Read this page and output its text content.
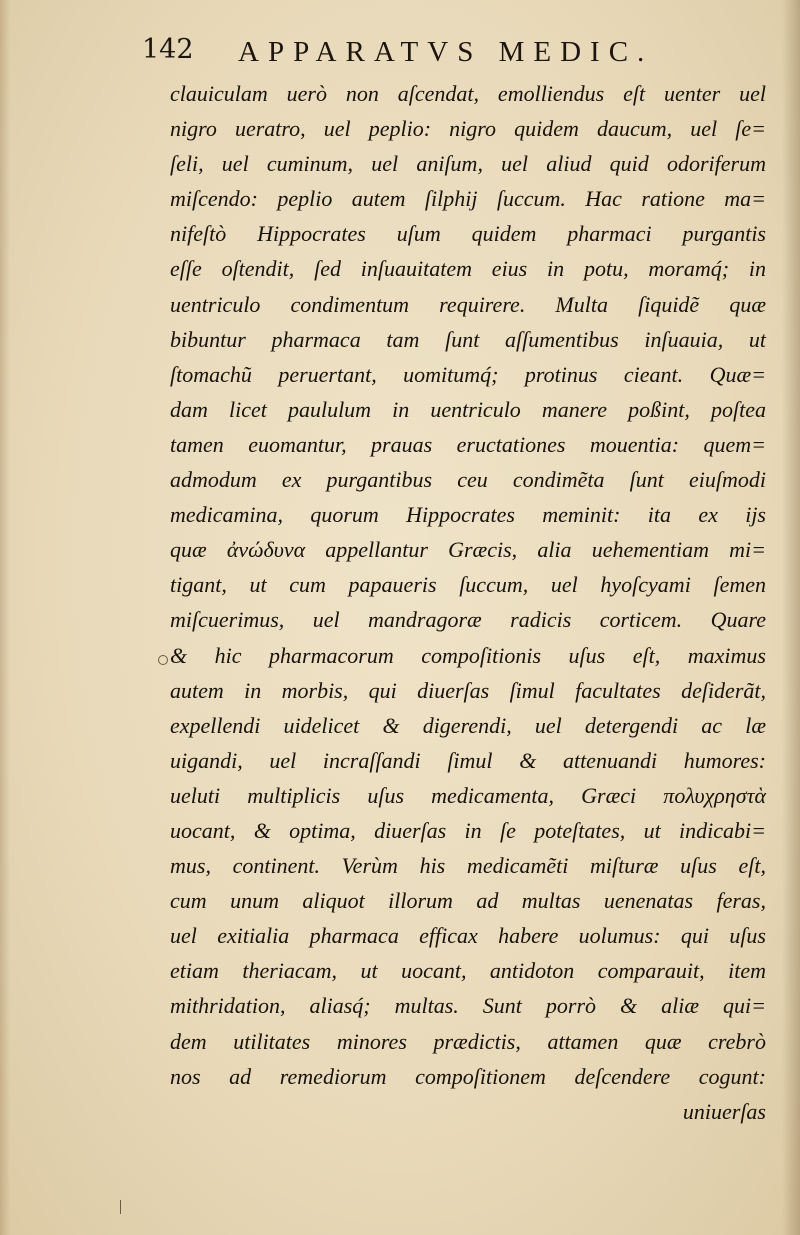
142 APPARATVS MEDIC.
clauiculam uerò non aſcendat, emolliendus eſt uenter uel
nigro ueratro, uel peplio: nigro quidem daucum, uel ſe=
ſeli, uel cuminum, uel aniſum, uel aliud quid odoriferum
miſcendo: peplio autem ſilphij ſuccum. Hac ratione ma=
nifeſtò Hippocrates uſum quidem pharmaci purgantis
eſſe oſtendit, ſed inſuauitatem eius in potu, moramq́; in
uentriculo condimentum requirere. Multa ſiquidẽ quæ
bibuntur pharmaca tam ſunt aſſumentibus inſuauia, ut
ſtomachũ peruertant, uomitumq́; protinus cieant. Quæ=
dam licet paululum in uentriculo manere poßint, poſtea
tamen euomantur, prauas eructationes mouentia: quem=
admodum ex purgantibus ceu condimẽta ſunt eiuſmodi
medicamina, quorum Hippocrates meminit: ita ex ijs
quæ ἀνώδυνα appellantur Græcis, alia uehementiam mi=
tigant, ut cum papaueris ſuccum, uel hyoſcyami ſemen
miſcuerimus, uel mandragoræ radicis corticem. Quare
& hic pharmacorum compoſitionis uſus eſt, maximus
autem in morbis, qui diuerſas ſimul facultates deſiderãt,
expellendi uidelicet & digerendi, uel detergendi ac læ
uigandi, uel incraſſandi ſimul & attenuandi humores:
ueluti multiplicis uſus medicamenta, Græci πολυχρηστὰ
uocant, & optima, diuerſas in ſe poteſtates, ut indicabi=
mus, continent. Verùm his medicamẽti miſturæ uſus eſt,
cum unum aliquot illorum ad multas uenenatas feras,
uel exitialia pharmaca efficax habere uolumus: qui uſus
etiam theriacam, ut uocant, antidoton comparauit, item
mithridation, aliasq́; multas. Sunt porrò & aliæ qui=
dem utilitates minores prædictis, attamen quæ crebrò
nos ad remediorum compoſitionem deſcendere cogunt:
uniuerſas
